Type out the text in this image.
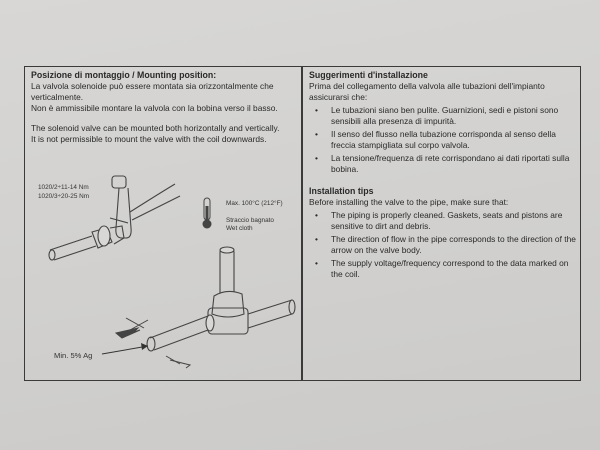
Posizione di montaggio / Mounting position:

La valvola solenoide può essere montata sia orizzontalmente che verticalmente.

Non è ammissibile montare la valvola con la bobina verso il basso.

The solenoid valve can be mounted both horizontally and vertically.

It is not permissible to mount the valve with the coil downwards.

1020/2÷11-14 Nm
1020/3÷20-25 Nm
Max. 100°C (212°F)
Straccio bagnato
Wet cloth
Min. 5% Ag

Suggerimenti d'installazione

Prima del collegamento della valvola alle tubazioni dell'impianto assicurarsi che:

• Le tubazioni siano ben pulite. Guarnizioni, sedi e pistoni sono sensibili alla presenza di impurità.
• Il senso del flusso nella tubazione corrisponda al senso della freccia stampigliata sul corpo valvola.
• La tensione/frequenza di rete corrispondano ai dati riportati sulla bobina.

Installation tips

Before installing the valve to the pipe, make sure that:

• The piping is properly cleaned. Gaskets, seats and pistons are sensitive to dirt and debris.
• The direction of flow in the pipe corresponds to the direction of the arrow on the valve body.
• The supply voltage/frequency correspond to the data marked on the coil.
